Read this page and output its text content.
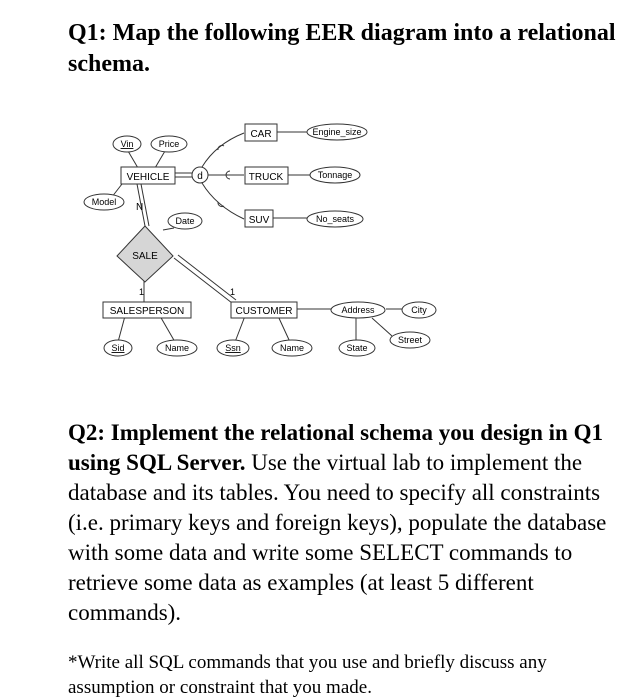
Q1: Map the following EER diagram into a relational schema.
CAR
VEHICLE	TRUCK
SUV
SALESPERSON	CUSTOMER
d
SALE
N
1	1
Vin	Price
Model
Engine_size
Tonnage
No_seats
Date
Address	City
Street
State
Sid	Name	Ssn	Name

Q2: Implement the relational schema you design in Q1 using SQL Server. Use the virtual lab to implement the database and its tables. You need to specify all constraints (i.e. primary keys and foreign keys), populate the database with some data and write some SELECT commands to retrieve some data as examples (at least 5 different commands).

*Write all SQL commands that you use and briefly discuss any assumption or constraint that you made.
